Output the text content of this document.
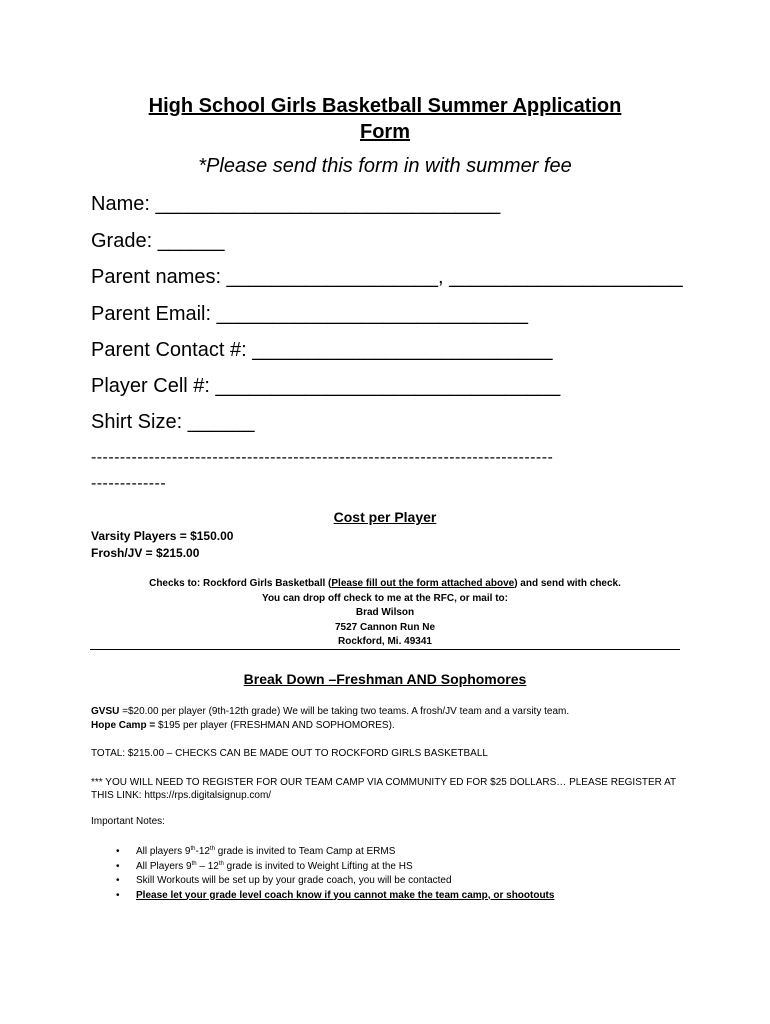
High School Girls Basketball Summer Application
Form
*Please send this form in with summer fee
Name: _______________________________
Grade: ______
Parent names: ___________________, _____________________
Parent Email: ____________________________
Parent Contact #: ___________________________
Player Cell #: _______________________________
Shirt Size: ______
--------------------------------------------------------------------------------
-------------
Cost per Player
Varsity Players = $150.00
Frosh/JV = $215.00
Checks to: Rockford Girls Basketball (Please fill out the form attached above) and send with check.
You can drop off check to me at the RFC, or mail to:
Brad Wilson
7527 Cannon Run Ne
Rockford, Mi. 49341
Break Down –Freshman AND Sophomores
GVSU =$20.00 per player (9th-12th grade) We will be taking two teams. A frosh/JV team and a varsity team.
Hope Camp = $195 per player (FRESHMAN AND SOPHOMORES).
TOTAL: $215.00 – CHECKS CAN BE MADE OUT TO ROCKFORD GIRLS BASKETBALL
*** YOU WILL NEED TO REGISTER FOR OUR TEAM CAMP VIA COMMUNITY ED FOR $25 DOLLARS… PLEASE REGISTER AT THIS LINK: https://rps.digitalsignup.com/
Important Notes:
• All players 9th-12th grade is invited to Team Camp at ERMS
• All Players 9th – 12th grade is invited to Weight Lifting at the HS
• Skill Workouts will be set up by your grade coach, you will be contacted
• Please let your grade level coach know if you cannot make the team camp, or shootouts
